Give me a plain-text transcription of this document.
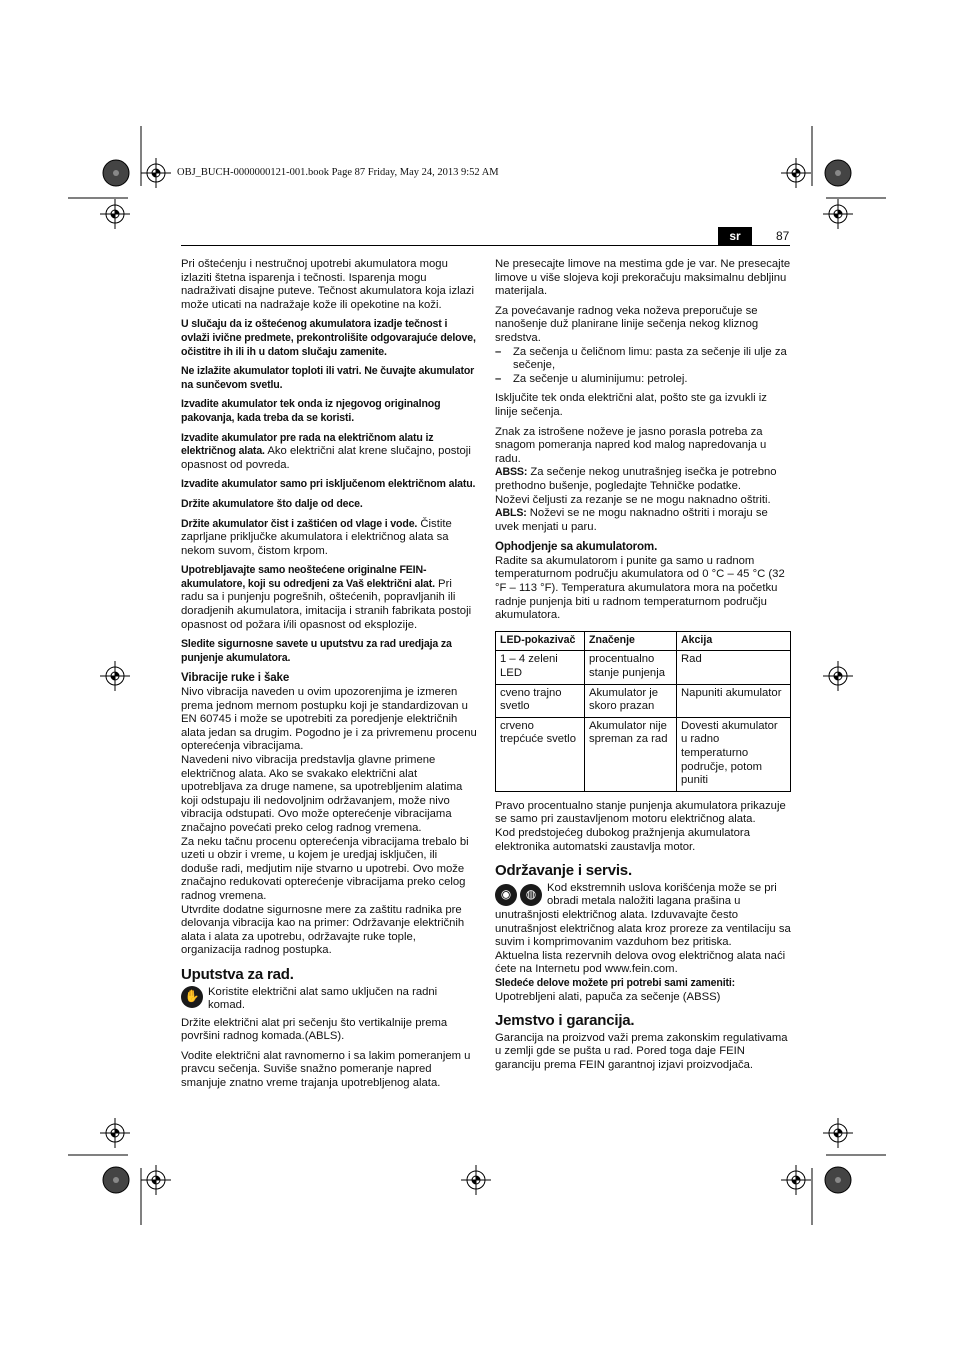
OBJ_BUCH-0000000121-001.book Page 87 Friday, May 24, 2013 9:52 AM
sr	87

Pri oštećenju i nestručnoj upotrebi akumulatora mogu izlaziti štetna isparenja i tečnosti. Isparenja mogu nadraživati disajne puteve. Tečnost akumulatora koja izlazi može uticati na nadražaje kože ili opekotine na koži.

U slučaju da iz oštećenog akumulatora izadje tečnost i ovlaži ivične predmete, prekontrolišite odgovarajuće delove, očistitre ih ili ih u datom slučaju zamenite.

Ne izlažite akumulator toploti ili vatri. Ne čuvajte akumulator na sunčevom svetlu.

Izvadite akumulator tek onda iz njegovog originalnog pakovanja, kada treba da se koristi.

Izvadite akumulator pre rada na električnom alatu iz električnog alata. Ako električni alat krene slučajno, postoji opasnost od povreda.

Izvadite akumulator samo pri isključenom električnom alatu.

Držite akumulatore što dalje od dece.

Držite akumulator čist i zaštićen od vlage i vode. Čistite zaprljane priključke akumulatora i električnog alata sa nekom suvom, čistom krpom.

Upotrebljavajte samo neoštećene originalne FEIN-akumulatore, koji su odredjeni za Vaš električni alat. Pri radu sa i punjenju pogrešnih, oštećenih, popravljanih ili doradjenih akumulatora, imitacija i stranih fabrikata postoji opasnost od požara i/ili opasnost od eksplozije.

Sledite sigurnosne savete u uputstvu za rad uredjaja za punjenje akumulatora.

Vibracije ruke i šake

Nivo vibracija naveden u ovim upozorenjima je izmeren prema jednom mernom postupku koji je standardizovan u EN 60745 i može se upotrebiti za poredjenje električnih alata jedan sa drugim. Pogodno je i za privremenu procenu opterećenja vibracijama.

Navedeni nivo vibracija predstavlja glavne primene električnog alata. Ako se svakako električni alat upotrebljava za druge namene, sa upotrebljenim alatima koji odstupaju ili nedovoljnim održavanjem, može nivo vibracija odstupati. Ovo može opterećenje vibracijama značajno povećati preko celog radnog vremena.

Za neku tačnu procenu opterećenja vibracijama trebalo bi uzeti u obzir i vreme, u kojem je uredjaj isključen, ili doduše radi, medjutim nije stvarno u upotrebi. Ovo može značajno redukovati opterećenje vibracijama preko celog radnog vremena.

Utvrdite dodatne sigurnosne mere za zaštitu radnika pre delovanja vibracija kao na primer: Održavanje električnih alata i alata za upotrebu, održavajte ruke tople, organizacija radnog postupka.

Uputstva za rad.
✋ Koristite električni alat samo uključen na radni komad.

Držite električni alat pri sečenju što vertikalnije prema površini radnog komada.(ABLS).

Vodite električni alat ravnomerno i sa lakim pomeranjem u pravcu sečenja. Suviše snažno pomeranje napred smanjuje znatno vreme trajanja upotrebljenog alata.

Ne presecajte limove na mestima gde je var. Ne presecajte limove u više slojeva koji prekoračuju maksimalnu debljinu materijala.

Za povećavanje radnog veka noževa preporučuje se nanošenje duž planirane linije sečenja nekog kliznog sredstva.

–	Za sečenja u čeličnom limu: pasta za sečenje ili ulje za sečenje,
–	Za sečenje u aluminijumu: petrolej.

Isključite tek onda električni alat, pošto ste ga izvukli iz linije sečenja.

Znak za istrošene noževe je jasno porasla potreba za snagom pomeranja napred kod malog napredovanja u radu.

ABSS: Za sečenje nekog unutrašnjeg isečka je potrebno prethodno bušenje, pogledajte Tehničke podatke.

Noževi čeljusti za rezanje se ne mogu naknadno oštriti.

ABLS: Noževi se ne mogu naknadno oštriti i moraju se uvek menjati u paru.

Ophodjenje sa akumulatorom.

Radite sa akumulatorom i punite ga samo u radnom temperaturnom području akumulatora od 0 °C – 45 °C (32 °F – 113 °F). Temperatura akumulatora mora na početku radnje punjenja biti u radnom temperaturnom području akumulatora.

LED-pokazivač	Značenje	Akcija
1 – 4 zeleni LED	procentualno stanje punjenja	Rad
cveno trajno svetlo	Akumulator je skoro prazan	Napuniti akumulator
crveno trepćuće svetlo	Akumulator nije spreman za rad	Dovesti akumulator u radno temperaturno područje, potom puniti

Pravo procentualno stanje punjenja akumulatora prikazuje se samo pri zaustavljenom motoru električnog alata.

Kod predstojećeg dubokog pražnjenja akumulatora elektronika automatski zaustavlja motor.

Održavanje i servis.
◉	◍ Kod ekstremnih uslova korišćenja može se pri obradi metala naložiti lagana prašina u unutrašnjosti električnog alata. Izduvavajte često unutrašnjost električnog alata kroz proreze za ventilaciju sa suvim i komprimovanim vazduhom bez pritiska.

Aktuelna lista rezervnih delova ovog električnog alata naći ćete na Internetu pod www.fein.com.

Sledeće delove možete pri potrebi sami zameniti:

Upotrebljeni alati, papuča za sečenje (ABSS)

Jemstvo i garancija.

Garancija na proizvod važi prema zakonskim regulativama u zemlji gde se pušta u rad. Pored toga daje FEIN garanciju prema FEIN garantnoj izjavi proizvodjača.
